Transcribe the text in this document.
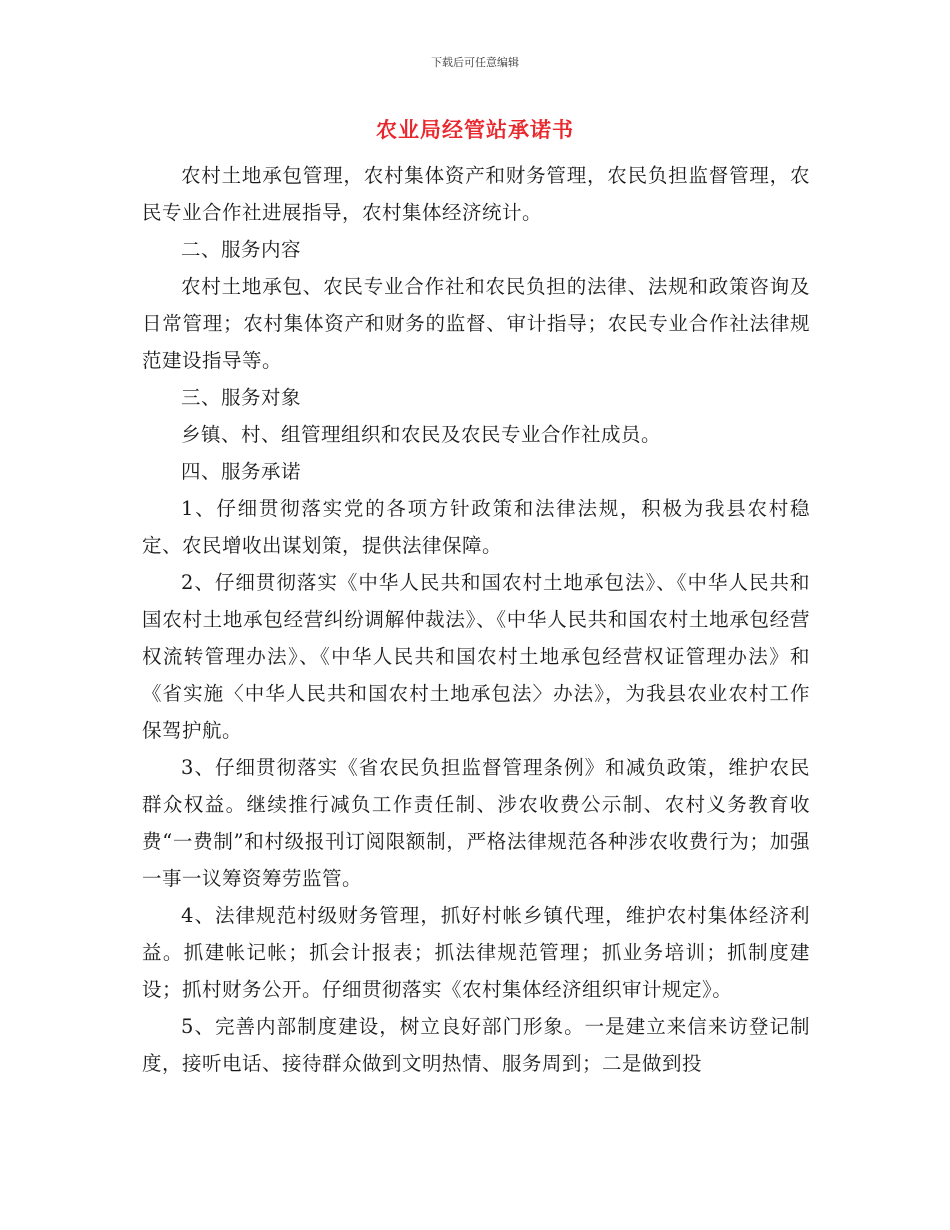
下载后可任意编辑
农业局经管站承诺书

农村土地承包管理，农村集体资产和财务管理，农民负担监督管理，农民专业合作社进展指导，农村集体经济统计。

二、服务内容

农村土地承包、农民专业合作社和农民负担的法律、法规和政策咨询及日常管理；农村集体资产和财务的监督、审计指导；农民专业合作社法律规范建设指导等。

三、服务对象

乡镇、村、组管理组织和农民及农民专业合作社成员。

四、服务承诺

1、仔细贯彻落实党的各项方针政策和法律法规，积极为我县农村稳定、农民增收出谋划策，提供法律保障。

2、仔细贯彻落实《中华人民共和国农村土地承包法》、《中华人民共和国农村土地承包经营纠纷调解仲裁法》、《中华人民共和国农村土地承包经营权流转管理办法》、《中华人民共和国农村土地承包经营权证管理办法》和《省实施〈中华人民共和国农村土地承包法〉办法》，为我县农业农村工作保驾护航。

3、仔细贯彻落实《省农民负担监督管理条例》和减负政策，维护农民群众权益。继续推行减负工作责任制、涉农收费公示制、农村义务教育收费“一费制”和村级报刊订阅限额制，严格法律规范各种涉农收费行为；加强一事一议筹资筹劳监管。

4、法律规范村级财务管理，抓好村帐乡镇代理，维护农村集体经济利益。抓建帐记帐；抓会计报表；抓法律规范管理；抓业务培训；抓制度建设；抓村财务公开。仔细贯彻落实《农村集体经济组织审计规定》。

5、完善内部制度建设，树立良好部门形象。一是建立来信来访登记制度，接听电话、接待群众做到文明热情、服务周到；二是做到投
